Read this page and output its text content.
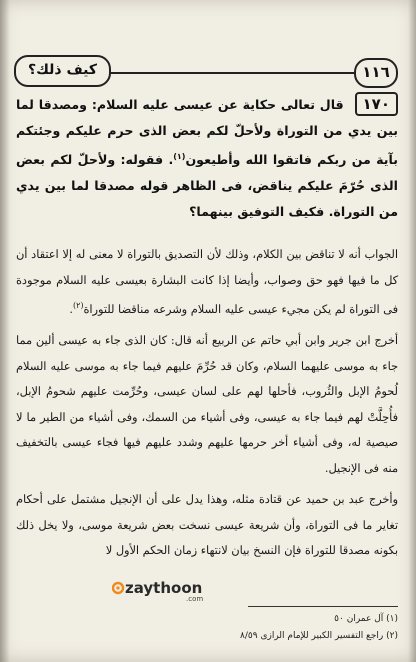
كيف ذلك؟	١١٦
١٧٠ قال تعالى حكاية عن عيسى عليه السلام: ومصدقا لما بين يدي من التوراة ولأحلّ لكم بعض الذى حرم عليكم وجئتكم بآية من ربكم فاتقوا الله وأطيعون$^{(١)}$. فقوله: ولأحلّ لكم بعض الذى حُرّمَ عليكم يناقض، فى الظاهر قوله مصدقا لما بين يدي من التوراة. فكيف التوفيق بينهما؟

الجواب أنه لا تناقض بين الكلام، وذلك لأن التصديق بالتوراة لا معنى له إلا اعتقاد أن كل ما فيها فهو حق وصواب، وأيضا إذا كانت البشارة بعيسى عليه السلام موجودة فى التوراة لم يكن مجيء عيسى عليه السلام وشرعه مناقضا للتوراة$^{(٢)}$.

أخرج ابن جرير وابن أبي حاتم عن الربيع أنه قال: كان الذى جاء به عيسى ألين مما جاء به موسى عليهما السلام، وكان قد حُرِّمَ عليهم فيما جاء به موسى عليه السلام لُحومُ الإبل والثُروب، فأحلها لهم على لسان عيسى، وحُرِّمت عليهم شحومُ الإبل، فأُحِلَّتْ لهم فيما جاء به عيسى، وفى أشياء من السمك، وفى أشياء من الطير ما لا صيصية له، وفى أشياء أخر حرمها عليهم وشدد عليهم فيها فجاء عيسى بالتخفيف منه فى الإنجيل.

وأخرج عبد بن حميد عن قتادة مثله، وهذا يدل على أن الإنجيل مشتمل على أحكام تغاير ما فى التوراة، وأن شريعة عيسى نسخت بعض شريعة موسى، ولا يخل ذلك بكونه مصدقا للتوراة فإن النسخ بيان لانتهاء زمان الحكم الأول لا

zaythoon
.com
(١) آل عمران ٥٠
(٢) راجع التفسير الكبير للإمام الرازى ٨/٥٩
